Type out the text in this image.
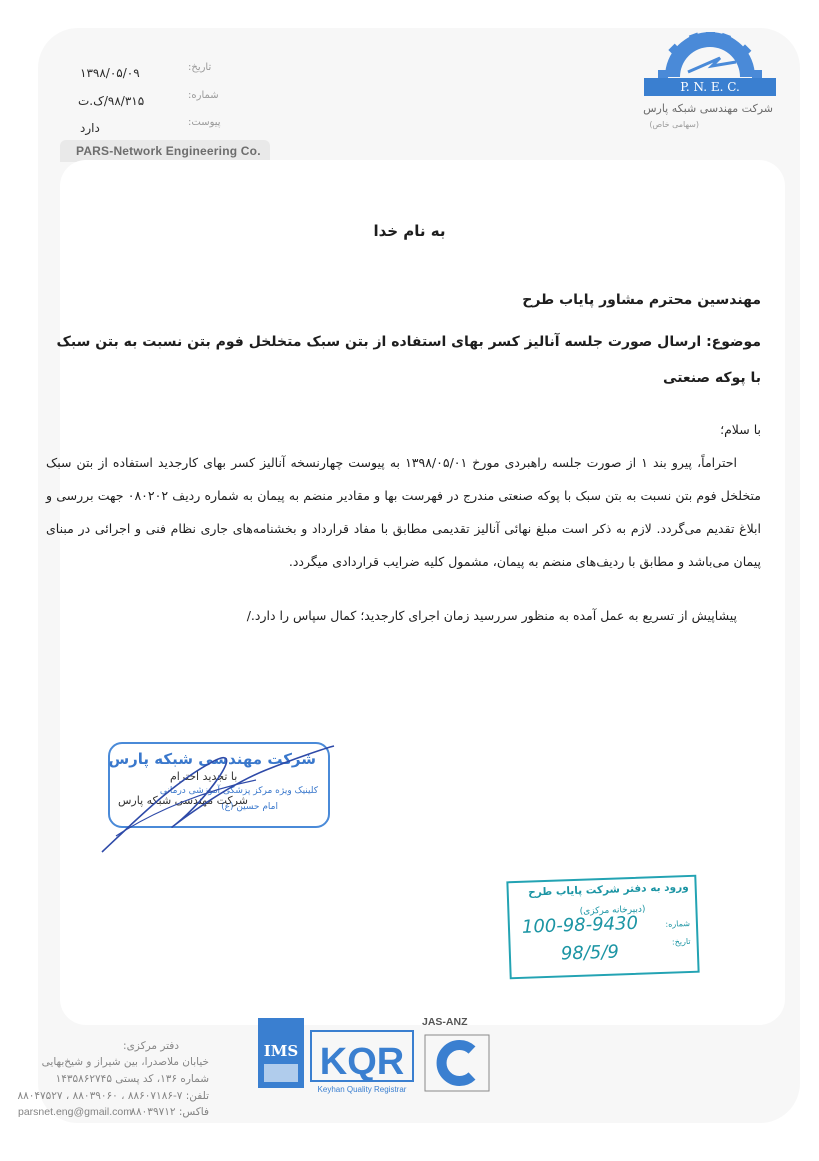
PARS-Network Engineering Co.
تاریخ:
۱۳۹۸/۰۵/۰۹
شماره:
۹۸/۳۱۵/ک.ت
پیوست:
دارد
P. N. E. C.
شرکت مهندسی شبکه پارس
(سهامی خاص)
به نام خدا
مهندسین محترم مشاور پایاب طرح
موضوع: ارسال صورت جلسه آنالیز کسر بهای استفاده از بتن سبک متخلخل فوم بتن نسبت به بتن سبک با پوکه صنعتی
با سلام؛

احتراماً، پیرو بند ۱ از صورت جلسه راهبردی مورخ ۱۳۹۸/۰۵/۰۱ به پیوست چهارنسخه آنالیز کسر بهای کارجدید استفاده از بتن سبک متخلخل فوم بتن نسبت به بتن سبک با پوکه صنعتی مندرج در فهرست بها و مقادیر منضم به پیمان به شماره ردیف ۰۸۰۲۰۲ جهت بررسی و ابلاغ تقدیم می‌گردد. لازم به ذکر است مبلغ نهائی آنالیز تقدیمی مطابق با مفاد قرارداد و بخشنامه‌های جاری نظام فنی و اجرائی در مبنای پیمان می‌باشد و مطابق با ردیف‌های منضم به پیمان، مشمول کلیه ضرایب قراردادی میگردد.

پیشاپیش از تسریع به عمل آمده به منظور سررسید زمان اجرای کارجدید؛ کمال سپاس را دارد./

شرکت مهندسی شبکه پارس
کلینیک ویژه مرکز پزشکی آموزشی درمانی
امام حسین (ع)
با تجدید احترام
شرکت مهندسی شبکه پارس
ورود به دفتر شرکت پایاب طرح
(دبیرخانه مرکزی)
شماره:
تاریخ:
100-98-9430
98/5/9
IMS KQR
Keyhan Quality Registrar
JAS-ANZ
دفتر مرکزی:
خیابان ملاصدرا، بین شیراز و شیخ‌بهایی
شماره ۱۳۶، کد پستی ۱۴۳۵۸۶۲۷۴۵
تلفن: ۷-۸۸۶۰۷۱۸۶ ، ۸۸۰۳۹۰۶۰ ، ۸۸۰۴۷۵۲۷
فاکس: ۸۸۰۳۹۷۱۲
parsnet.eng@gmail.com
